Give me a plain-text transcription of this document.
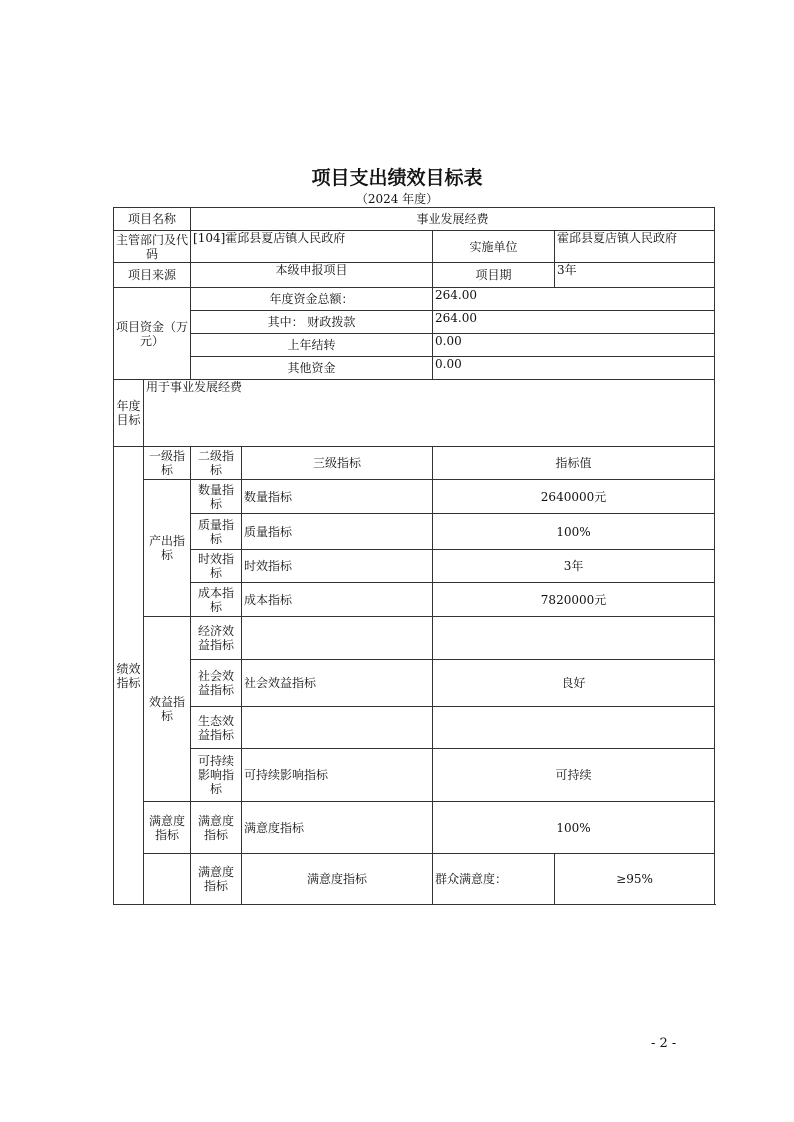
项目支出绩效目标表
（2024 年度）
项目名称		事业发展经费			
主管部门及代码		[104]霍邱县夏店镇人民政府		实施单位	霍邱县夏店镇人民政府
项目来源		本级申报项目		项目期	3年
项目资金（万元）		年度资金总额：		264.00	
		其中： 财政拨款		264.00	
		上年结转		0.00	
		其他资金		0.00	
年度目标	用于事业发展经费				
绩效指标	一级指标	二级指标	三级指标	指标值	
	产出指标	数量指标	数量指标	2640000元	
		质量指标	质量指标	100%	
		时效指标	时效指标	3年	
		成本指标	成本指标	7820000元	
	效益指标	经济效益指标			
		社会效益指标	社会效益指标	良好	
		生态效益指标			
		可持续影响指标	可持续影响指标	可持续	
	满意度指标	满意度指标	满意度指标	100%	
		满意度指标	满意度指标	群众满意度：	≥95%
- 2 -
